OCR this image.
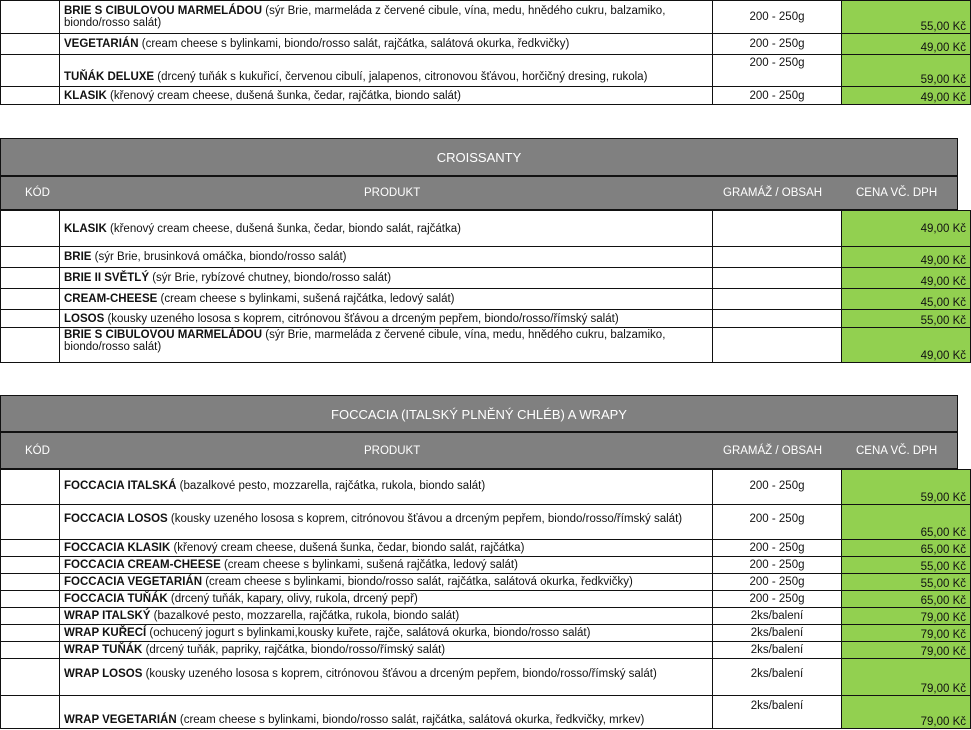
	BRIE S CIBULOVOU MARMELÁDOU (sýr Brie, marmeláda z červené cibule, vína, medu, hnědého cukru, balzamiko, biondo/rosso salát)	200 - 250g	55,00 Kč
	VEGETARIÁN (cream cheese s bylinkami, biondo/rosso salát, rajčátka, salátová okurka, ředkvičky)	200 - 250g	49,00 Kč
	TUŇÁK DELUXE (drcený tuňák s kukuřicí, červenou cibulí, jalapenos, citronovou šťávou, horčičný dresing, rukola)	200 - 250g	59,00 Kč
	KLASIK (křenový cream cheese, dušená šunka, čedar, rajčátka, biondo salát)	200 - 250g	49,00 Kč
CROISSANTY
KÓD	PRODUKT	GRAMÁŽ / OBSAH	CENA VČ. DPH
	KLASIK (křenový cream cheese, dušená šunka, čedar, biondo salát, rajčátka)		49,00 Kč
	BRIE (sýr Brie, brusinková omáčka, biondo/rosso salát)		49,00 Kč
	BRIE II SVĚTLÝ (sýr Brie, rybízové chutney, biondo/rosso salát)		49,00 Kč
	CREAM-CHEESE (cream cheese s bylinkami, sušená rajčátka, ledový salát)		45,00 Kč
	LOSOS (kousky uzeného lososa s koprem, citrónovou šťávou a drceným pepřem, biondo/rosso/římský salát)		55,00 Kč
	BRIE S CIBULOVOU MARMELÁDOU (sýr Brie, marmeláda z červené cibule, vína, medu, hnědého cukru, balzamiko, biondo/rosso salát)		49,00 Kč
FOCCACIA (ITALSKÝ PLNĚNÝ CHLÉB) A WRAPY
KÓD	PRODUKT	GRAMÁŽ / OBSAH	CENA VČ. DPH
	FOCCACIA ITALSKÁ (bazalkové pesto, mozzarella, rajčátka, rukola, biondo salát)	200 - 250g	59,00 Kč
	FOCCACIA LOSOS (kousky uzeného lososa s koprem, citrónovou šťávou a drceným pepřem, biondo/rosso/římský salát)	200 - 250g	65,00 Kč
	FOCCACIA KLASIK (křenový cream cheese, dušená šunka, čedar, biondo salát, rajčátka)	200 - 250g	65,00 Kč
	FOCCACIA CREAM-CHEESE (cream cheese s bylinkami, sušená rajčátka, ledový salát)	200 - 250g	55,00 Kč
	FOCCACIA VEGETARIÁN (cream cheese s bylinkami, biondo/rosso salát, rajčátka, salátová okurka, ředkvičky)	200 - 250g	55,00 Kč
	FOCCACIA TUŇÁK (drcený tuňák, kapary, olivy, rukola, drcený pepř)	200 - 250g	65,00 Kč
	WRAP ITALSKÝ (bazalkové pesto, mozzarella, rajčátka, rukola, biondo salát)	2ks/balení	79,00 Kč
	WRAP KUŘECÍ (ochucený jogurt s bylinkami,kousky kuřete, rajče, salátová okurka, biondo/rosso salát)	2ks/balení	79,00 Kč
	WRAP TUŇÁK (drcený tuňák, papriky, rajčátka, biondo/rosso/římský salát)	2ks/balení	79,00 Kč
	WRAP LOSOS (kousky uzeného lososa s koprem, citrónovou šťávou a drceným pepřem, biondo/rosso/římský salát)	2ks/balení	79,00 Kč
	WRAP VEGETARIÁN (cream cheese s bylinkami, biondo/rosso salát, rajčátka, salátová okurka, ředkvičky, mrkev)	2ks/balení	79,00 Kč
